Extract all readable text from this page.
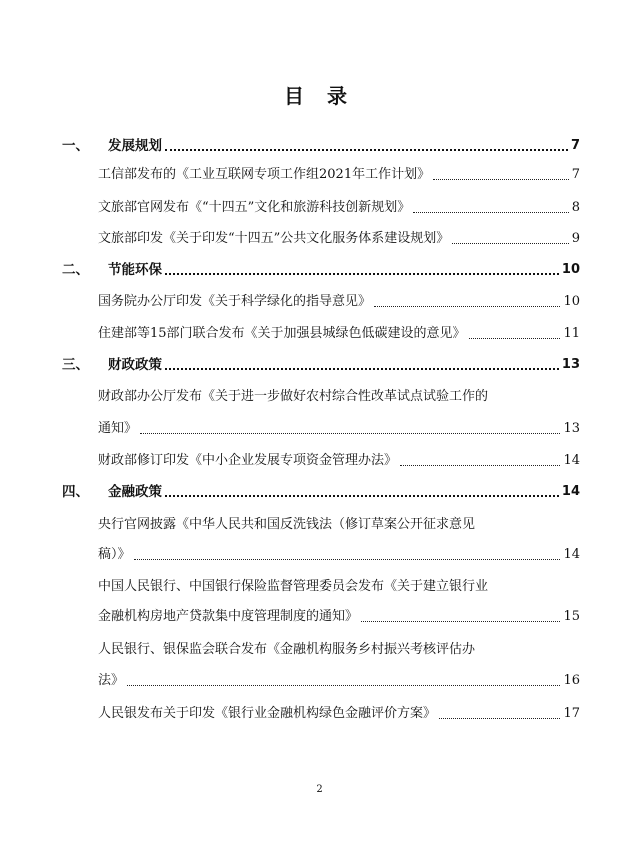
目 录
一、	发展规划	7
工信部发布的《工业互联网专项工作组2021年工作计划》	7
文旅部官网发布《“十四五”文化和旅游科技创新规划》	8
文旅部印发《关于印发“十四五”公共文化服务体系建设规划》	9
二、	节能环保	10
国务院办公厅印发《关于科学绿化的指导意见》	10
住建部等15部门联合发布《关于加强县城绿色低碳建设的意见》	11
三、	财政政策	13
财政部办公厅发布《关于进一步做好农村综合性改革试点试验工作的
通知》	13
财政部修订印发《中小企业发展专项资金管理办法》	14
四、	金融政策	14
央行官网披露《中华人民共和国反洗钱法（修订草案公开征求意见
稿）》	14
中国人民银行、中国银行保险监督管理委员会发布《关于建立银行业
金融机构房地产贷款集中度管理制度的通知》	15
人民银行、银保监会联合发布《金融机构服务乡村振兴考核评估办
法》	16
人民银发布关于印发《银行业金融机构绿色金融评价方案》	17
2
